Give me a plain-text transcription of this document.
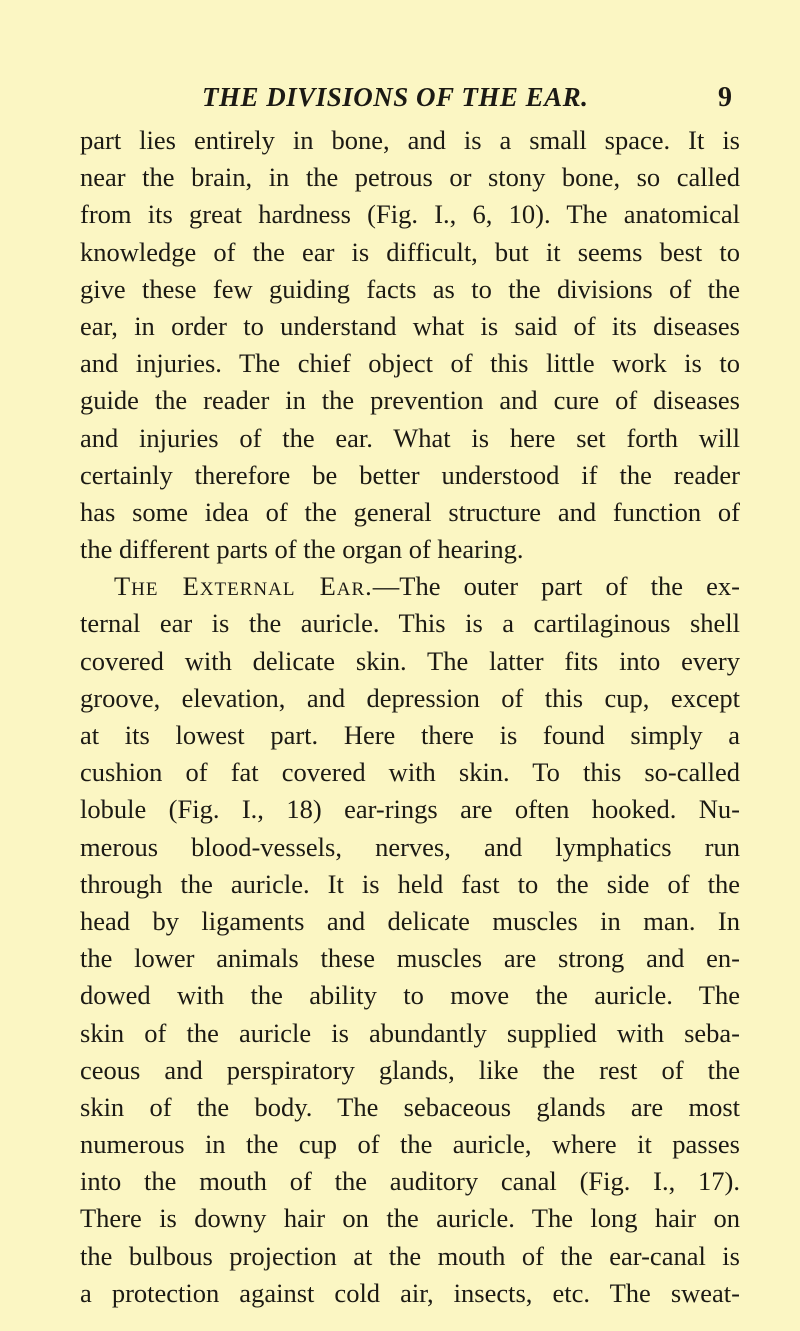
THE DIVISIONS OF THE EAR.	9
part lies entirely in bone, and is a small space. It is
near the brain, in the petrous or stony bone, so called
from its great hardness (Fig. I., 6, 10). The anatomical
knowledge of the ear is difficult, but it seems best to
give these few guiding facts as to the divisions of the
ear, in order to understand what is said of its diseases
and injuries. The chief object of this little work is to
guide the reader in the prevention and cure of diseases
and injuries of the ear. What is here set forth will
certainly therefore be better understood if the reader
has some idea of the general structure and function of
the different parts of the organ of hearing.
The External Ear.—The outer part of the ex-
ternal ear is the auricle. This is a cartilaginous shell
covered with delicate skin. The latter fits into every
groove, elevation, and depression of this cup, except
at its lowest part. Here there is found simply a
cushion of fat covered with skin. To this so-called
lobule (Fig. I., 18) ear-rings are often hooked. Nu-
merous blood-vessels, nerves, and lymphatics run
through the auricle. It is held fast to the side of the
head by ligaments and delicate muscles in man. In
the lower animals these muscles are strong and en-
dowed with the ability to move the auricle. The
skin of the auricle is abundantly supplied with seba-
ceous and perspiratory glands, like the rest of the
skin of the body. The sebaceous glands are most
numerous in the cup of the auricle, where it passes
into the mouth of the auditory canal (Fig. I., 17).
There is downy hair on the auricle. The long hair on
the bulbous projection at the mouth of the ear-canal is
a protection against cold air, insects, etc. The sweat-
